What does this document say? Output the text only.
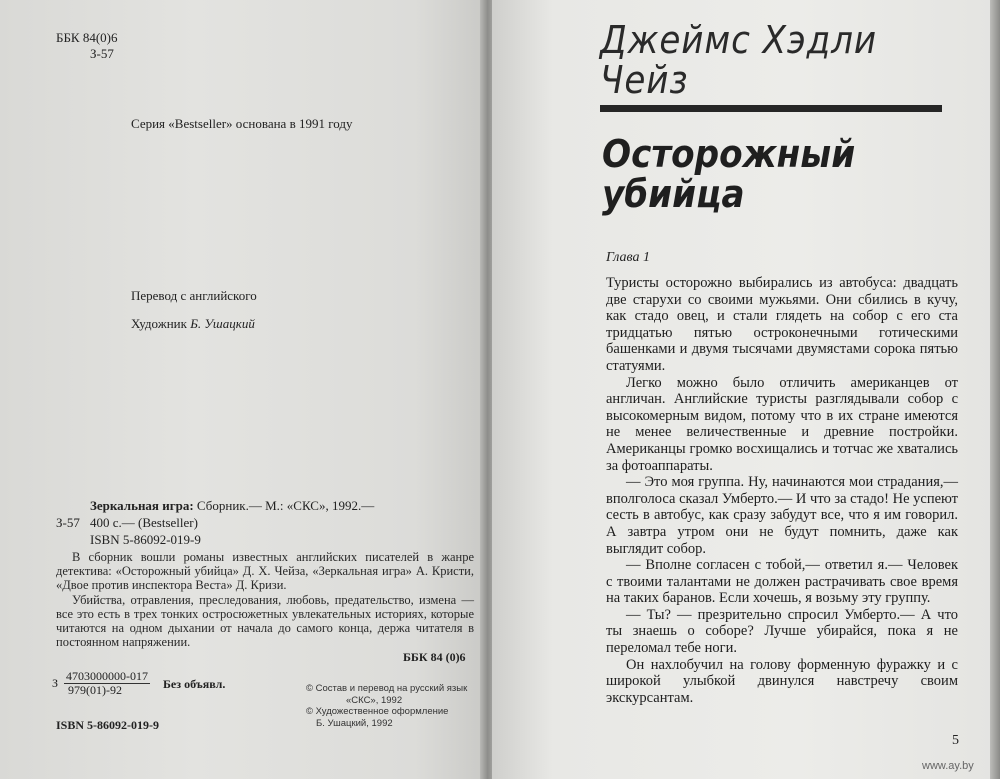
ББК 84(0)6
З-57
Серия «Bestseller» основана в 1991 году
Перевод с английского
Художник Б. Ушацкий
Зеркальная игра: Сборник.— М.: «СКС», 1992.—
З-57 400 с.— (Bestseller)
ISBN 5-86092-019-9

В сборник вошли романы известных английских писателей в жанре детектива: «Осторожный убийца» Д. Х. Чейза, «Зеркальная игра» А. Кристи, «Двое против инспектора Веста» Д. Кризи.

Убийства, отравления, преследования, любовь, предательство, измена — все это есть в трех тонких остросюжетных увлекательных историях, которые читаются на одном дыхании от начала до самого конца, держа читателя в постоянном напряжении.

З 4703000000-017
979(01)-92	Без объявл.
ББК 84 (0)6
ISBN 5-86092-019-9
© Состав и перевод на русский язык
«СКС», 1992
© Художественное оформление
Б. Ушацкий, 1992
Джеймс Хэдли
Чейз
Осторожный
убийца
Глава 1

Туристы осторожно выбирались из автобуса: двадцать две старухи со своими мужьями. Они сбились в кучу, как стадо овец, и стали глядеть на собор с его ста тридцатью пятью остроконечными готическими башенками и двумя тысячами двумястами сорока пятью статуями.

Легко можно было отличить американцев от англичан. Английские туристы разглядывали собор с высокомерным видом, потому что в их стране имеются не менее величественные и древние постройки. Американцы громко восхищались и тотчас же хватались за фотоаппараты.

— Это моя группа. Ну, начинаются мои страдания,— вполголоса сказал Умберто.— И что за стадо! Не успеют сесть в автобус, как сразу забудут все, что я им говорил. А завтра утром они не будут помнить, даже как выглядит собор.

— Вполне согласен с тобой,— ответил я.— Человек с твоими талантами не должен растрачивать свое время на таких баранов. Если хочешь, я возьму эту группу.

— Ты? — презрительно спросил Умберто.— А что ты знаешь о соборе? Лучше убирайся, пока я не переломал тебе ноги.

Он нахлобучил на голову форменную фуражку и с широкой улыбкой двинулся навстречу своим экскурсантам.

5
www.ay.by
